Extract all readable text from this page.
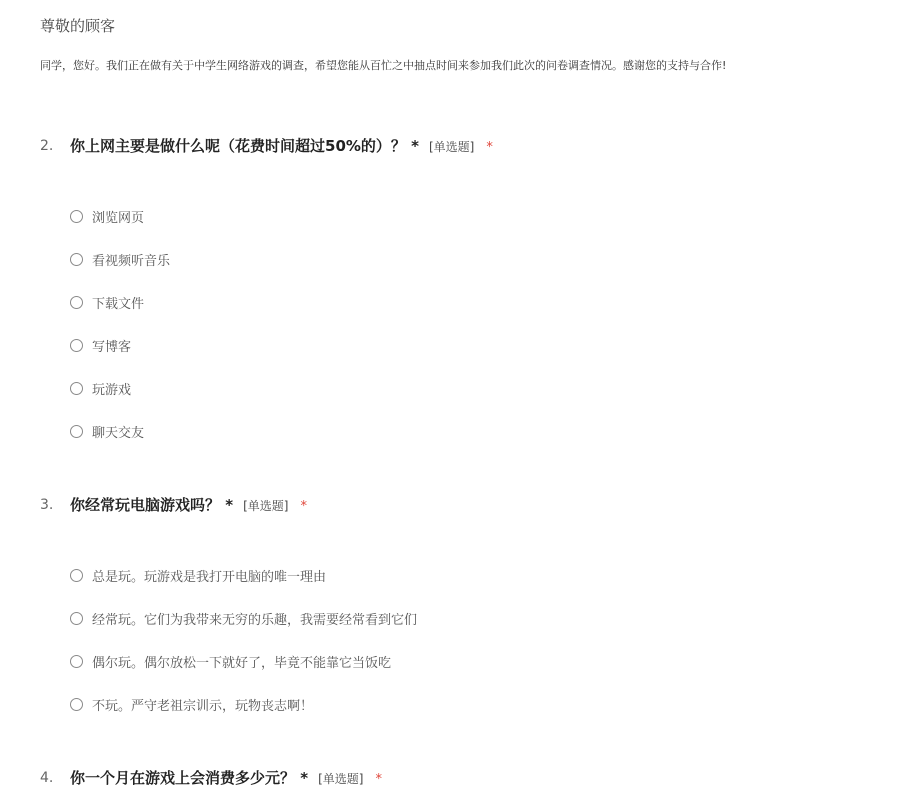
尊敬的顾客
同学，您好。我们正在做有关于中学生网络游戏的调查，希望您能从百忙之中抽点时间来参加我们此次的问卷调查情况。感谢您的支持与合作!
2. 你上网主要是做什么呢（花费时间超过50%的）？ * [单选题] *
浏览网页
看视频听音乐
下载文件
写博客
玩游戏
聊天交友
3. 你经常玩电脑游戏吗？ * [单选题] *
总是玩。玩游戏是我打开电脑的唯一理由
经常玩。它们为我带来无穷的乐趣，我需要经常看到它们
偶尔玩。偶尔放松一下就好了，毕竟不能靠它当饭吃
不玩。严守老祖宗训示，玩物丧志啊！
4. 你一个月在游戏上会消费多少元？ * [单选题] *
